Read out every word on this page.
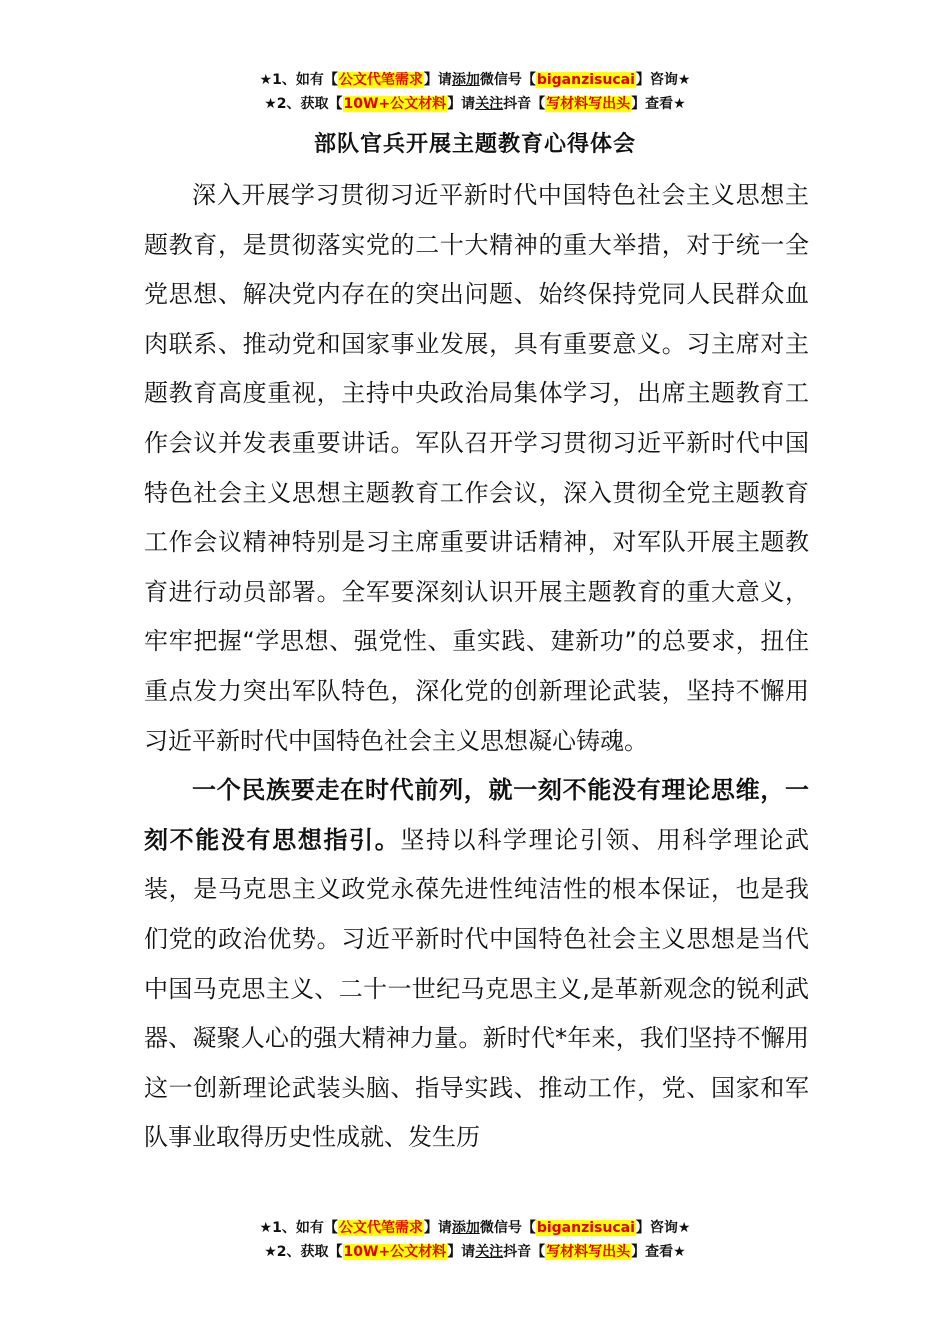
★1、如有【公文代笔需求】请添加微信号【biganzisucai】咨询★
★2、获取【10W+公文材料】请关注抖音【写材料写出头】查看★
部队官兵开展主题教育心得体会

深入开展学习贯彻习近平新时代中国特色社会主义思想主题教育，是贯彻落实党的二十大精神的重大举措，对于统一全党思想、解决党内存在的突出问题、始终保持党同人民群众血肉联系、推动党和国家事业发展，具有重要意义。习主席对主题教育高度重视，主持中央政治局集体学习，出席主题教育工作会议并发表重要讲话。军队召开学习贯彻习近平新时代中国特色社会主义思想主题教育工作会议，深入贯彻全党主题教育工作会议精神特别是习主席重要讲话精神，对军队开展主题教育进行动员部署。全军要深刻认识开展主题教育的重大意义，牢牢把握“学思想、强党性、重实践、建新功”的总要求，扭住重点发力突出军队特色，深化党的创新理论武装，坚持不懈用习近平新时代中国特色社会主义思想凝心铸魂。

一个民族要走在时代前列，就一刻不能没有理论思维，一刻不能没有思想指引。坚持以科学理论引领、用科学理论武装，是马克思主义政党永葆先进性纯洁性的根本保证，也是我们党的政治优势。习近平新时代中国特色社会主义思想是当代中国马克思主义、二十一世纪马克思主义,是革新观念的锐利武器、凝聚人心的强大精神力量。新时代*年来，我们坚持不懈用这一创新理论武装头脑、指导实践、推动工作，党、国家和军队事业取得历史性成就、发生历

★1、如有【公文代笔需求】请添加微信号【biganzisucai】咨询★
★2、获取【10W+公文材料】请关注抖音【写材料写出头】查看★
